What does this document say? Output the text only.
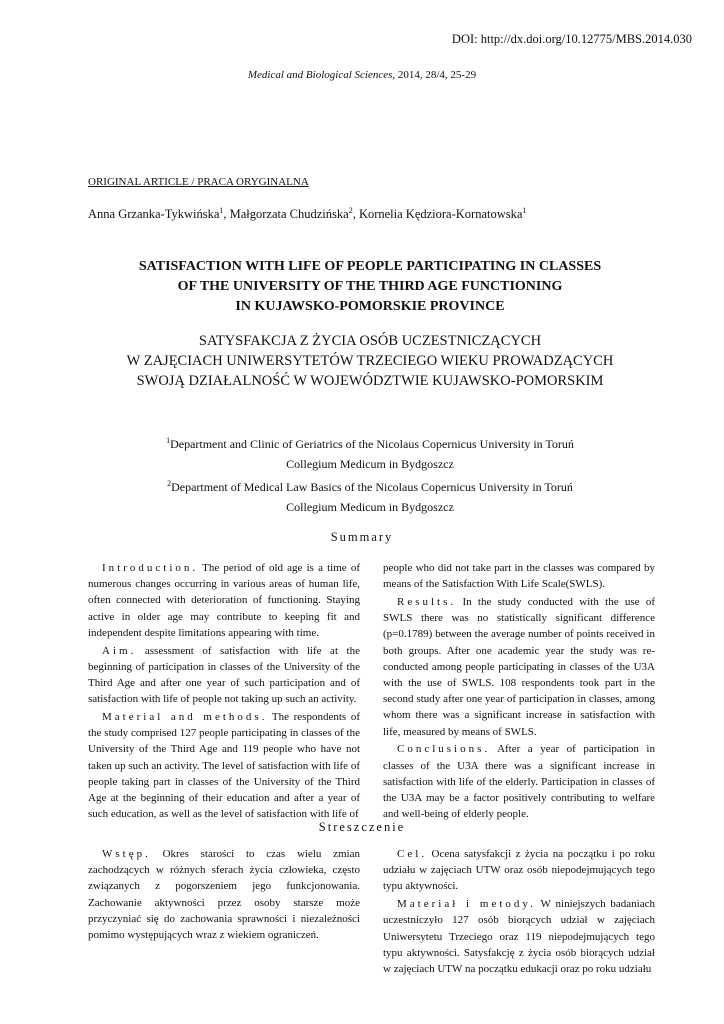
DOI: http://dx.doi.org/10.12775/MBS.2014.030
Medical and Biological Sciences, 2014, 28/4, 25-29
ORIGINAL ARTICLE / PRACA ORYGINALNA
Anna Grzanka-Tykwińska$^1$, Małgorzata Chudzińska$^2$, Kornelia Kędziora-Kornatowska$^1$
SATISFACTION WITH LIFE OF PEOPLE PARTICIPATING IN CLASSES
OF THE UNIVERSITY OF THE THIRD AGE FUNCTIONING
IN KUJAWSKO-POMORSKIE PROVINCE
SATYSFAKCJA Z ŻYCIA OSÓB UCZESTNICZĄCYCH
W ZAJĘCIACH UNIWERSYTETÓW TRZECIEGO WIEKU PROWADZĄCYCH
SWOJĄ DZIAŁALNOŚĆ W WOJEWÓDZTWIE KUJAWSKO-POMORSKIM
$^1$Department and Clinic of Geriatrics of the Nicolaus Copernicus University in Toruń
Collegium Medicum in Bydgoszcz
$^2$Department of Medical Law Basics of the Nicolaus Copernicus University in Toruń
Collegium Medicum in Bydgoszcz
Summary

Introduction. The period of old age is a time of numerous changes occurring in various areas of human life, often connected with deterioration of functioning. Staying active in older age may contribute to keeping fit and independent despite limitations appearing with time.

Aim. assessment of satisfaction with life at the beginning of participation in classes of the University of the Third Age and after one year of such participation and of satisfaction with life of people not taking up such an activity.

Material and methods. The respondents of the study comprised 127 people participating in classes of the University of the Third Age and 119 people who have not taken up such an activity. The level of satisfaction with life of people taking part in classes of the University of the Third Age at the beginning of their education and after a year of such education, as well as the level of satisfaction with life of

people who did not take part in the classes was compared by means of the Satisfaction With Life Scale(SWLS).

Results. In the study conducted with the use of SWLS there was no statistically significant difference (p=0.1789) between the average number of points received in both groups. After one academic year the study was re-conducted among people participating in classes of the U3A with the use of SWLS. 108 respondents took part in the second study after one year of participation in classes, among whom there was a significant increase in satisfaction with life, measured by means of SWLS.

Conclusions. After a year of participation in classes of the U3A there was a significant increase in satisfaction with life of the elderly. Participation in classes of the U3A may be a factor positively contributing to welfare and well-being of elderly people.

Streszczenie

Wstęp. Okres starości to czas wielu zmian zachodzących w różnych sferach życia człowieka, często związanych z pogorszeniem jego funkcjonowania. Zachowanie aktywności przez osoby starsze może przyczyniać się do zachowania sprawności i niezależności pomimo występujących wraz z wiekiem ograniczeń.

Cel. Ocena satysfakcji z życia na początku i po roku udziału w zajęciach UTW oraz osób niepodejmujących tego typu aktywności.

Materiał i metody. W niniejszych badaniach uczestniczyło 127 osób biorących udział w zajęciach Uniwersytetu Trzeciego oraz 119 niepodejmujących tego typu aktywności. Satysfakcję z życia osób biorących udział w zajęciach UTW na początku edukacji oraz po roku udziału
